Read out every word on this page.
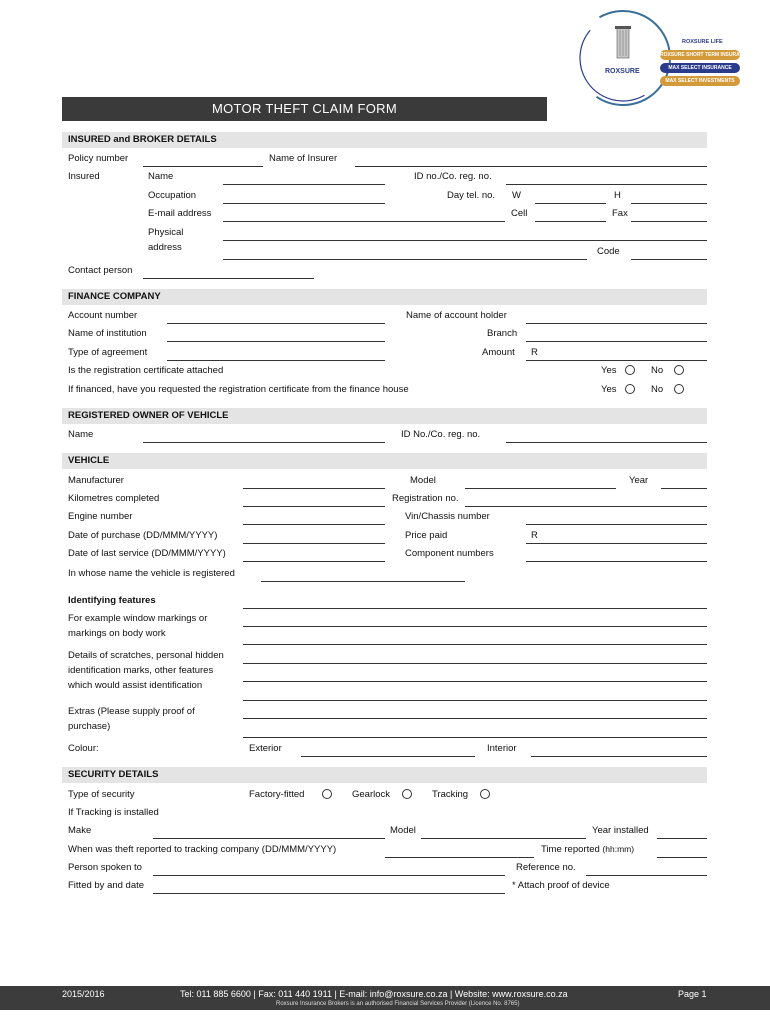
ROXSURE
ROXSURE LIFE
ROXSURE SHORT TERM INSURANCE
MAX SELECT INSURANCE
MAX SELECT INVESTMENTS
MOTOR THEFT CLAIM FORM
INSURED and BROKER DETAILS
Policy number	Name of Insurer
Insured	Name	ID no./Co. reg. no.
Occupation	Day tel. no. W	H
E-mail address	Cell	Fax
Physical
address	Code
Contact person
FINANCE COMPANY
Account number	Name of account holder
Name of institution	Branch
Type of agreement	Amount R
Is the registration certificate attached	Yes	No
If financed, have you requested the registration certificate from the finance house	Yes	No
REGISTERED OWNER OF VEHICLE
Name	ID No./Co. reg. no.
VEHICLE
Manufacturer	Model	Year
Kilometres completed	Registration no.
Engine number	Vin/Chassis number
Date of purchase (DD/MMM/YYYY)	Price paid	R
Date of last service (DD/MMM/YYYY)	Component numbers
In whose name the vehicle is registered
Identifying features
For example window markings or
markings on body work
Details of scratches, personal hidden
identification marks, other features
which would assist identification
Extras (Please supply proof of
purchase)
Colour:	Exterior	Interior
SECURITY DETAILS
Type of security	Factory-fitted	Gearlock	Tracking
If Tracking is installed
Make	Model	Year installed
When was theft reported to tracking company (DD/MMM/YYYY)	Time reported (hh:mm)
Person spoken to	Reference no.
Fitted by and date	* Attach proof of device
2015/2016	Tel: 011 885 6600 | Fax: 011 440 1911 | E-mail: info@roxsure.co.za | Website: www.roxsure.co.za	Page 1
Roxsure Insurance Brokers is an authorised Financial Services Provider (Licence No. 8765)
